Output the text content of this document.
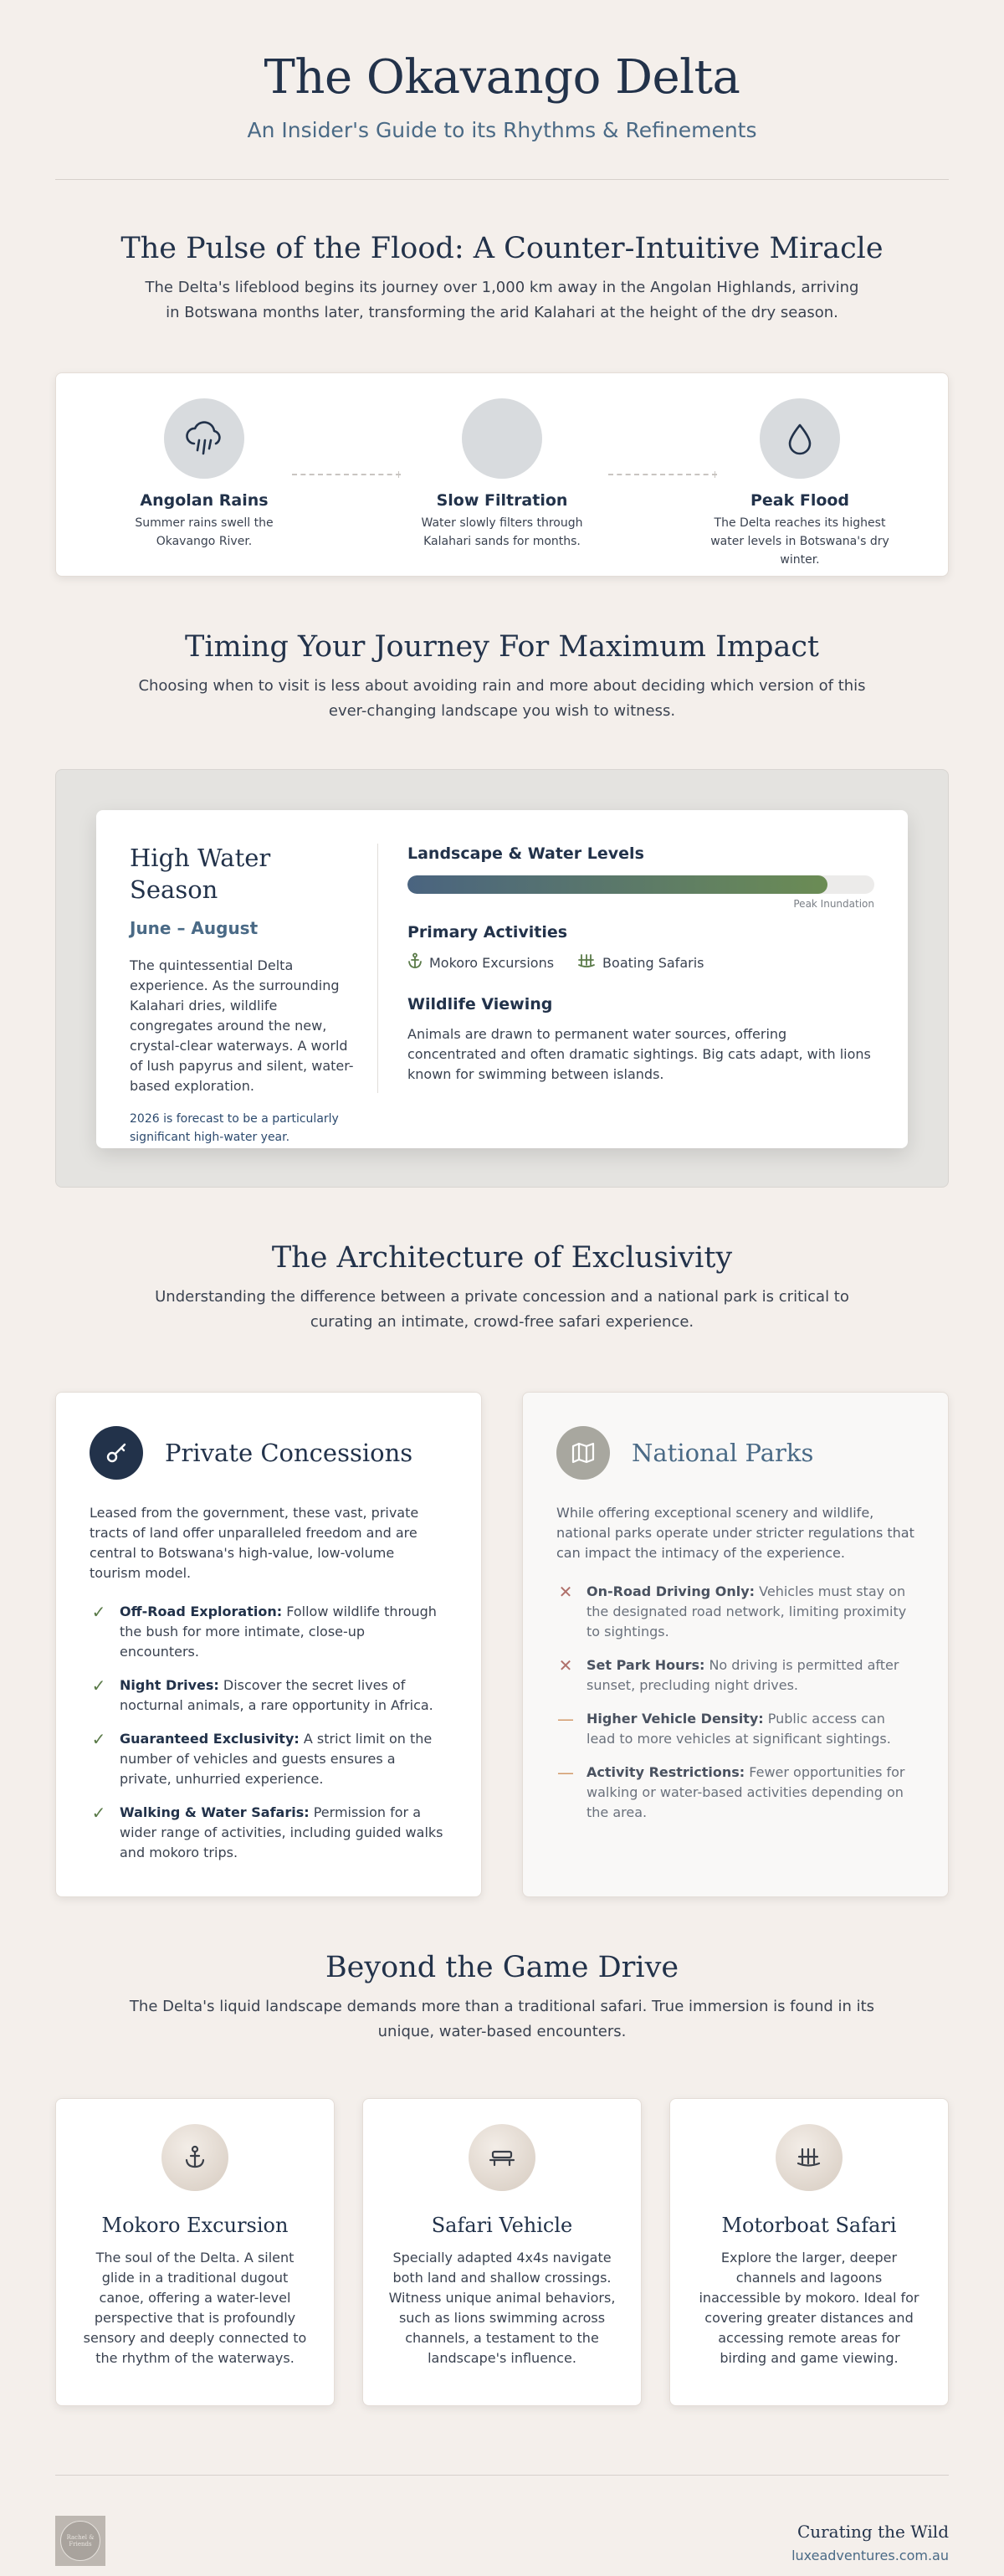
The Okavango Delta
An Insider's Guide to its Rhythms & Refinements
The Pulse of the Flood: A Counter-Intuitive Miracle

The Delta's lifeblood begins its journey over 1,000 km away in the Angolan Highlands, arriving in Botswana months later, transforming the arid Kalahari at the height of the dry season.

Angolan Rains
Summer rains swell the Okavango River.
Slow Filtration
Water slowly filters through Kalahari sands for months.
Peak Flood
The Delta reaches its highest water levels in Botswana's dry winter.
Timing Your Journey For Maximum Impact

Choosing when to visit is less about avoiding rain and more about deciding which version of this ever-changing landscape you wish to witness.

High Water Season
June – August

The quintessential Delta experience. As the surrounding Kalahari dries, wildlife congregates around the new, crystal-clear waterways. A world of lush papyrus and silent, water-based exploration.

2026 is forecast to be a particularly significant high-water year.

Landscape & Water Levels
Peak Inundation
Primary Activities
Mokoro Excursions	Boating Safaris
Wildlife Viewing

Animals are drawn to permanent water sources, offering concentrated and often dramatic sightings. Big cats adapt, with lions known for swimming between islands.

The Architecture of Exclusivity

Understanding the difference between a private concession and a national park is critical to curating an intimate, crowd-free safari experience.

Private Concessions

Leased from the government, these vast, private tracts of land offer unparalleled freedom and are central to Botswana's high-value, low-volume tourism model.

✓ Off-Road Exploration: Follow wildlife through the bush for more intimate, close-up encounters.
✓ Night Drives: Discover the secret lives of nocturnal animals, a rare opportunity in Africa.
✓ Guaranteed Exclusivity: A strict limit on the number of vehicles and guests ensures a private, unhurried experience.
✓ Walking & Water Safaris: Permission for a wider range of activities, including guided walks and mokoro trips.
National Parks

While offering exceptional scenery and wildlife, national parks operate under stricter regulations that can impact the intimacy of the experience.

✕ On-Road Driving Only: Vehicles must stay on the designated road network, limiting proximity to sightings.
✕ Set Park Hours: No driving is permitted after sunset, precluding night drives.
— Higher Vehicle Density: Public access can lead to more vehicles at significant sightings.
— Activity Restrictions: Fewer opportunities for walking or water-based activities depending on the area.
Beyond the Game Drive

The Delta's liquid landscape demands more than a traditional safari. True immersion is found in its unique, water-based encounters.

Mokoro Excursion

The soul of the Delta. A silent glide in a traditional dugout canoe, offering a water-level perspective that is profoundly sensory and deeply connected to the rhythm of the waterways.

Safari Vehicle

Specially adapted 4x4s navigate both land and shallow crossings. Witness unique animal behaviors, such as lions swimming across channels, a testament to the landscape's influence.

Motorboat Safari

Explore the larger, deeper channels and lagoons inaccessible by mokoro. Ideal for covering greater distances and accessing remote areas for birding and game viewing.

Rachel & Friends
Curating the Wild
luxeadventures.com.au
